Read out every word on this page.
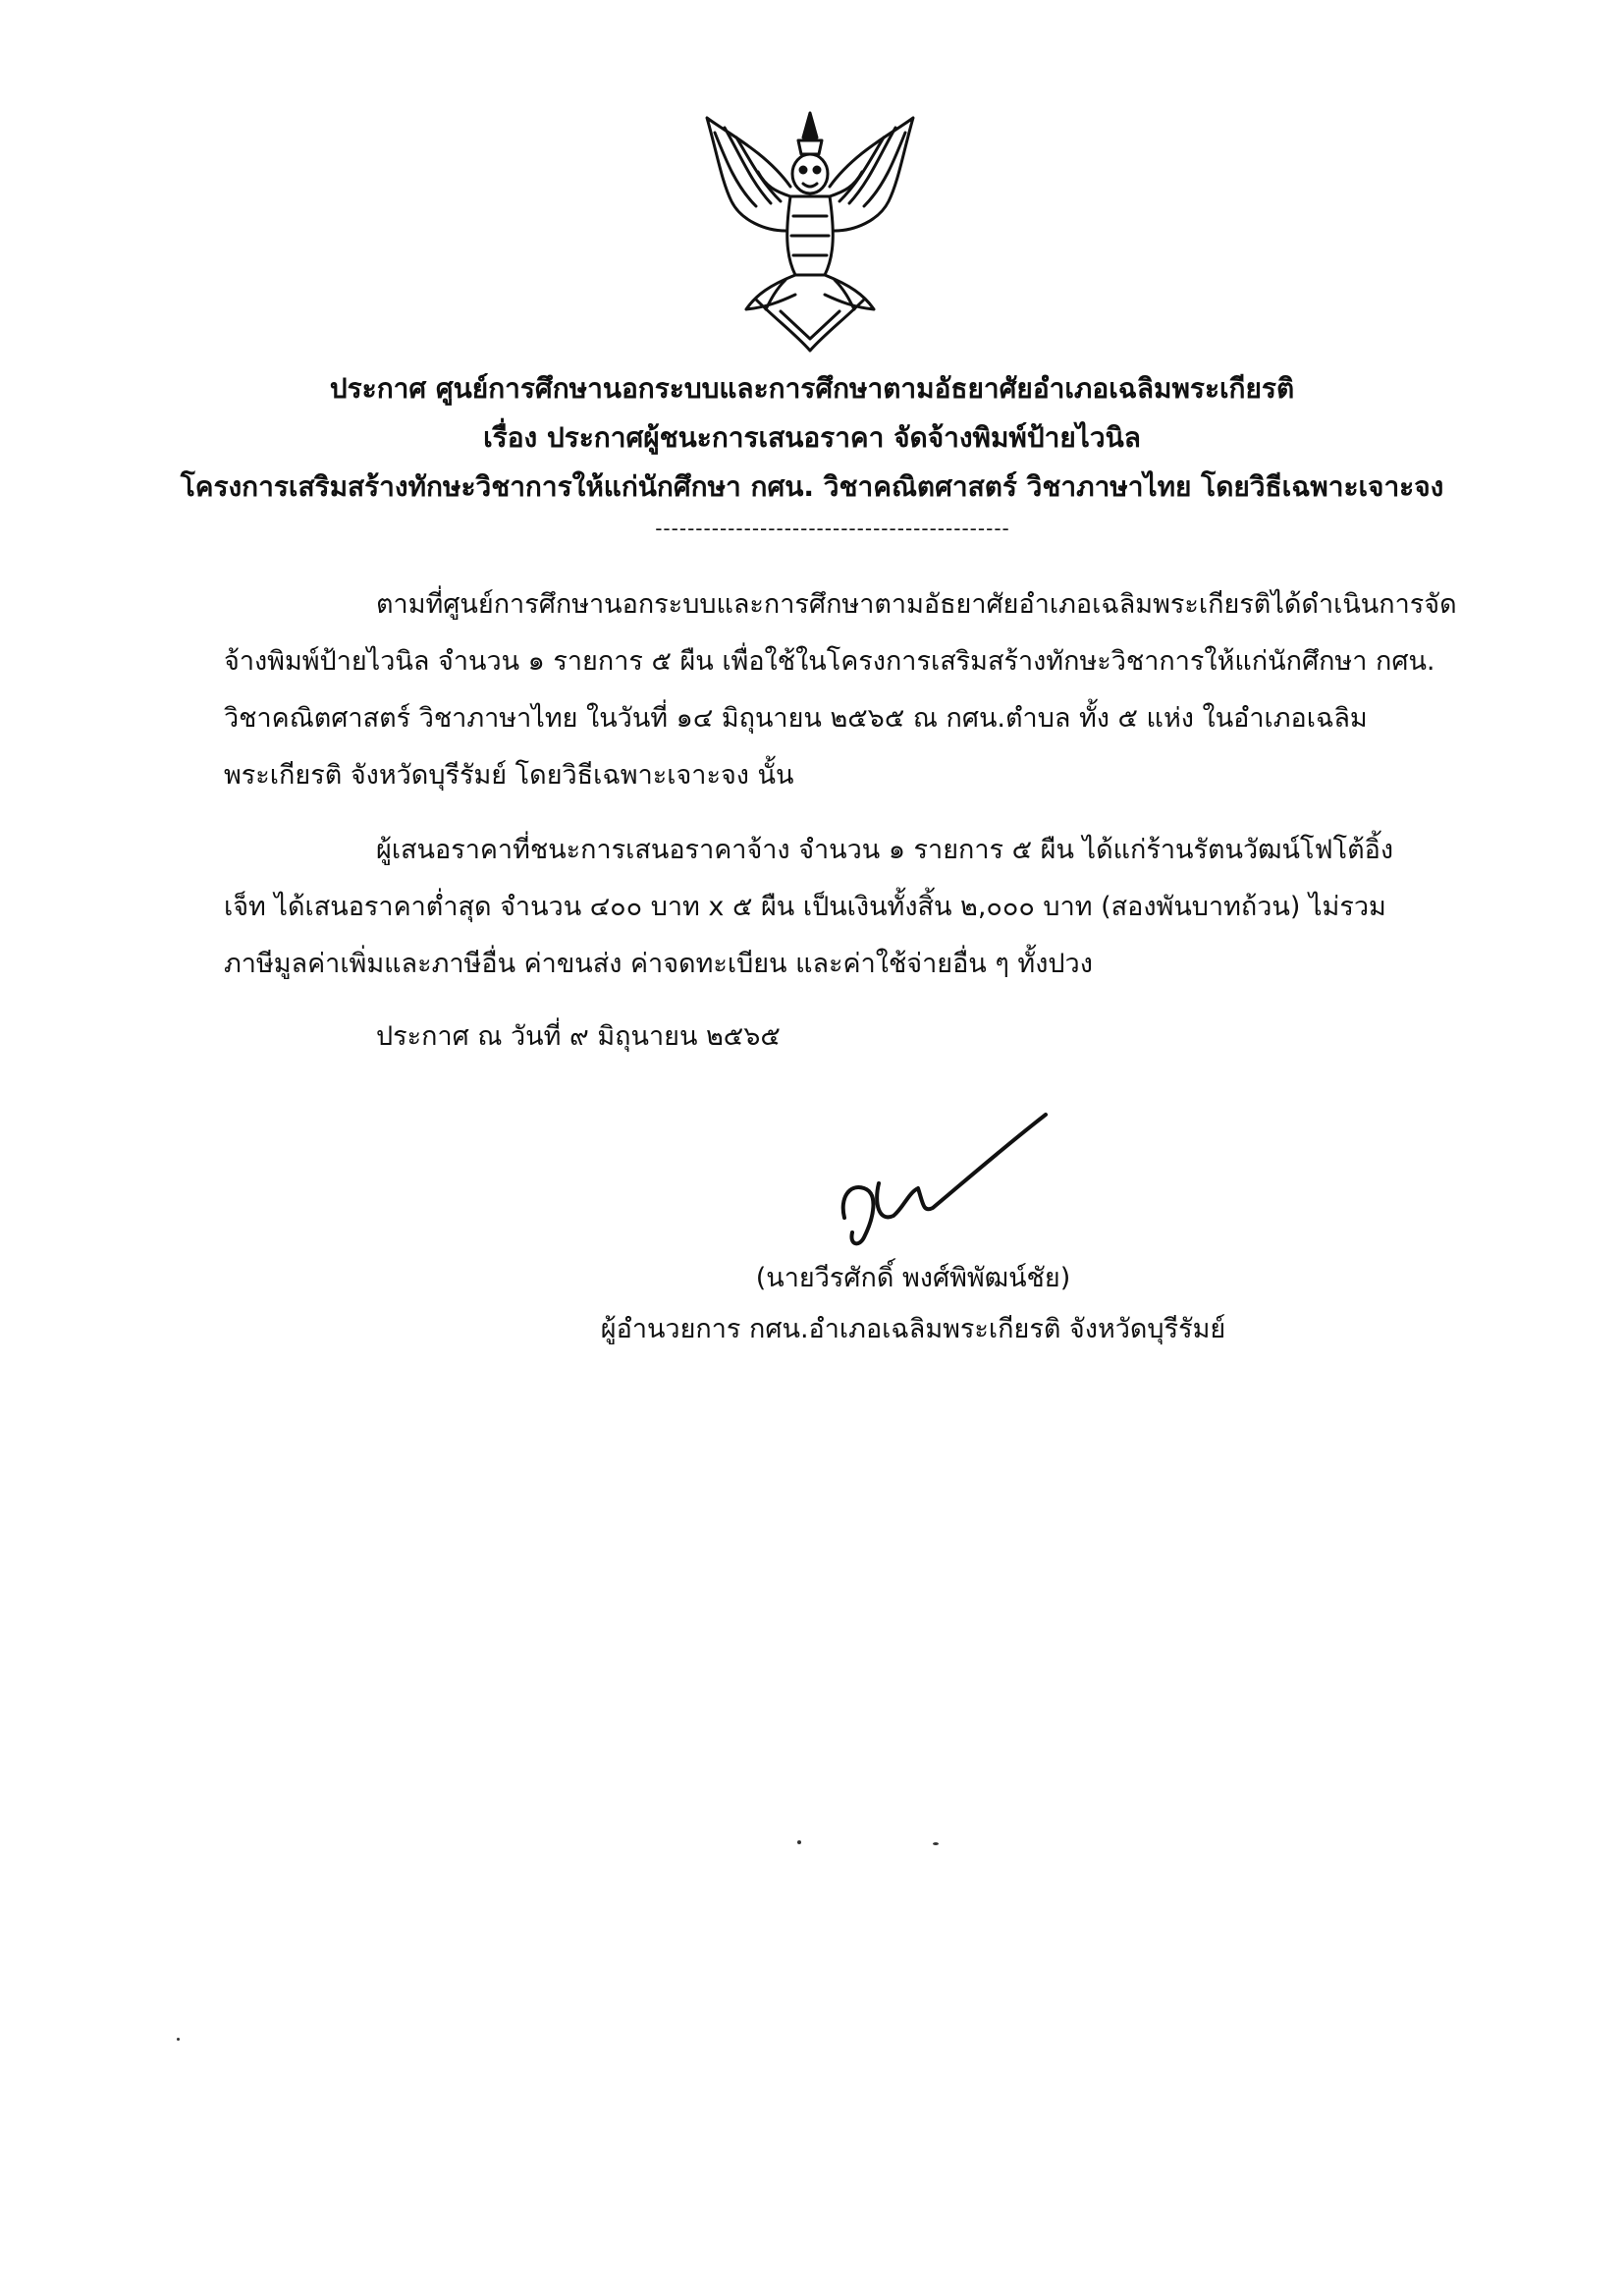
ประกาศ ศูนย์การศึกษานอกระบบและการศึกษาตามอัธยาศัยอำเภอเฉลิมพระเกียรติ
เรื่อง ประกาศผู้ชนะการเสนอราคา จัดจ้างพิมพ์ป้ายไวนิล
โครงการเสริมสร้างทักษะวิชาการให้แก่นักศึกษา กศน. วิชาคณิตศาสตร์ วิชาภาษาไทย โดยวิธีเฉพาะเจาะจง
--------------------------------------------
ตามที่ศูนย์การศึกษานอกระบบและการศึกษาตามอัธยาศัยอำเภอเฉลิมพระเกียรติได้ดำเนินการจัด
จ้างพิมพ์ป้ายไวนิล จำนวน ๑ รายการ ๕ ผืน เพื่อใช้ในโครงการเสริมสร้างทักษะวิชาการให้แก่นักศึกษา กศน.
วิชาคณิตศาสตร์ วิชาภาษาไทย ในวันที่ ๑๔ มิถุนายน ๒๕๖๕ ณ กศน.ตำบล ทั้ง ๕ แห่ง ในอำเภอเฉลิม
พระเกียรติ จังหวัดบุรีรัมย์ โดยวิธีเฉพาะเจาะจง นั้น
ผู้เสนอราคาที่ชนะการเสนอราคาจ้าง จำนวน ๑ รายการ ๕ ผืน ได้แก่ร้านรัตนวัฒน์โฟโต้อิ้ง
เจ็ท ได้เสนอราคาต่ำสุด จำนวน ๔๐๐ บาท x ๕ ผืน เป็นเงินทั้งสิ้น ๒,๐๐๐ บาท (สองพันบาทถ้วน) ไม่รวม
ภาษีมูลค่าเพิ่มและภาษีอื่น ค่าขนส่ง ค่าจดทะเบียน และค่าใช้จ่ายอื่น ๆ ทั้งปวง
ประกาศ ณ วันที่ ๙ มิถุนายน ๒๕๖๕
(นายวีรศักดิ์ พงศ์พิพัฒน์ชัย)
ผู้อำนวยการ กศน.อำเภอเฉลิมพระเกียรติ จังหวัดบุรีรัมย์
